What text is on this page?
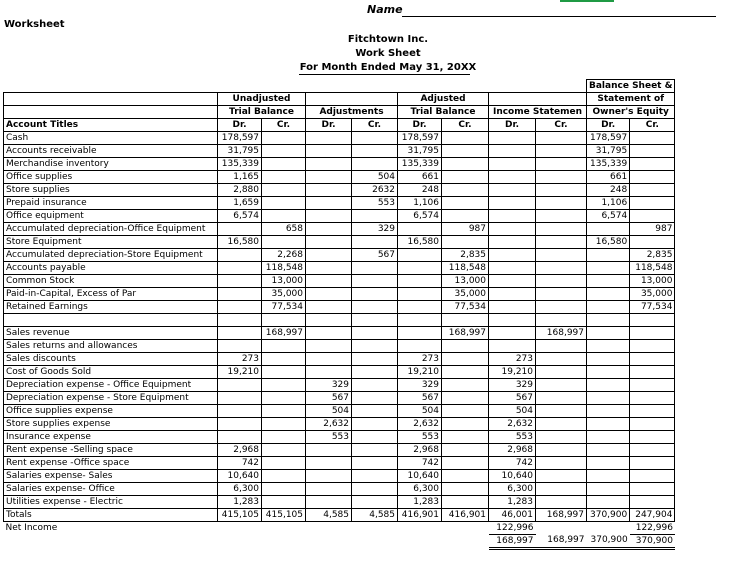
Name
Worksheet
Fitchtown Inc.
Work Sheet
For Month Ended May 31, 20XX
									Balance Sheet &	
	Unadjusted				Adjusted				Statement of	
	Trial Balance		Adjustments		Trial Balance		Income Statemen		Owner's Equity	
Account Titles	Dr.	Cr.	Dr.	Cr.	Dr.	Cr.	Dr.	Cr.	Dr.	Cr.
Cash	178,597				178,597				178,597	
Accounts receivable	31,795				31,795				31,795	
Merchandise inventory	135,339				135,339				135,339	
Office supplies	1,165			504	661				661	
Store supplies	2,880			2632	248				248	
Prepaid insurance	1,659			553	1,106				1,106	
Office equipment	6,574				6,574				6,574	
Accumulated depreciation-Office Equipment		658		329		987				987
Store Equipment	16,580				16,580				16,580	
Accumulated depreciation-Store Equipment		2,268		567		2,835				2,835
Accounts payable		118,548				118,548				118,548
Common Stock		13,000				13,000				13,000
Paid-in-Capital, Excess of Par		35,000				35,000				35,000
Retained Earnings		77,534				77,534				77,534

Sales revenue		168,997				168,997		168,997		
Sales returns and allowances										
Sales discounts	273				273		273			
Cost of Goods Sold	19,210				19,210		19,210			
Depreciation expense - Office Equipment			329		329		329			
Depreciation expense - Store Equipment			567		567		567			
Office supplies expense			504		504		504			
Store supplies expense			2,632		2,632		2,632			
Insurance expense			553		553		553			
Rent expense -Selling space	2,968				2,968		2,968			
Rent expense -Office space	742				742		742			
Salaries expense- Sales	10,640				10,640		10,640			
Salaries expense- Office	6,300				6,300		6,300			
Utilities expense - Electric	1,283				1,283		1,283			
Totals	415,105	415,105	4,585	4,585	416,901	416,901	46,001	168,997	370,900	247,904
Net Income							122,996			122,996
							168,997	168,997	370,900	370,900
